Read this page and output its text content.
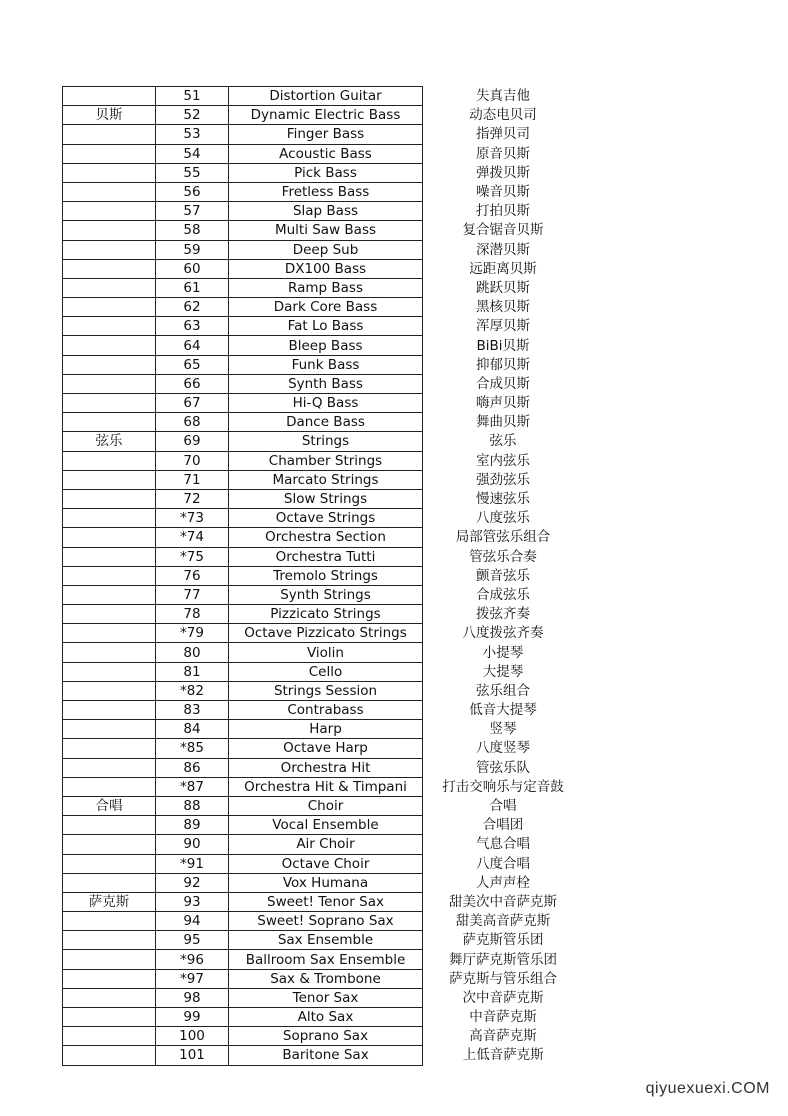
	51	Distortion Guitar	失真吉他
贝斯	52	Dynamic Electric Bass	动态电贝司
	53	Finger Bass	指弹贝司
	54	Acoustic Bass	原音贝斯
	55	Pick Bass	弹拨贝斯
	56	Fretless Bass	噪音贝斯
	57	Slap Bass	打拍贝斯
	58	Multi Saw Bass	复合锯音贝斯
	59	Deep Sub	深潜贝斯
	60	DX100 Bass	远距离贝斯
	61	Ramp Bass	跳跃贝斯
	62	Dark Core Bass	黑核贝斯
	63	Fat Lo Bass	浑厚贝斯
	64	Bleep Bass	BiBi贝斯
	65	Funk Bass	抑郁贝斯
	66	Synth Bass	合成贝斯
	67	Hi-Q Bass	嗨声贝斯
	68	Dance Bass	舞曲贝斯
弦乐	69	Strings	弦乐
	70	Chamber Strings	室内弦乐
	71	Marcato Strings	强劲弦乐
	72	Slow Strings	慢速弦乐
	*73	Octave Strings	八度弦乐
	*74	Orchestra Section	局部管弦乐组合
	*75	Orchestra Tutti	管弦乐合奏
	76	Tremolo Strings	颤音弦乐
	77	Synth Strings	合成弦乐
	78	Pizzicato Strings	拨弦齐奏
	*79	Octave Pizzicato Strings	八度拨弦齐奏
	80	Violin	小提琴
	81	Cello	大提琴
	*82	Strings Session	弦乐组合
	83	Contrabass	低音大提琴
	84	Harp	竖琴
	*85	Octave Harp	八度竖琴
	86	Orchestra Hit	管弦乐队
	*87	Orchestra Hit & Timpani	打击交响乐与定音鼓
合唱	88	Choir	合唱
	89	Vocal Ensemble	合唱团
	90	Air Choir	气息合唱
	*91	Octave Choir	八度合唱
	92	Vox Humana	人声声栓
萨克斯	93	Sweet! Tenor Sax	甜美次中音萨克斯
	94	Sweet! Soprano Sax	甜美高音萨克斯
	95	Sax Ensemble	萨克斯管乐团
	*96	Ballroom Sax Ensemble	舞厅萨克斯管乐团
	*97	Sax & Trombone	萨克斯与管乐组合
	98	Tenor Sax	次中音萨克斯
	99	Alto Sax	中音萨克斯
	100	Soprano Sax	高音萨克斯
	101	Baritone Sax	上低音萨克斯
qiyuexuexi.COM
